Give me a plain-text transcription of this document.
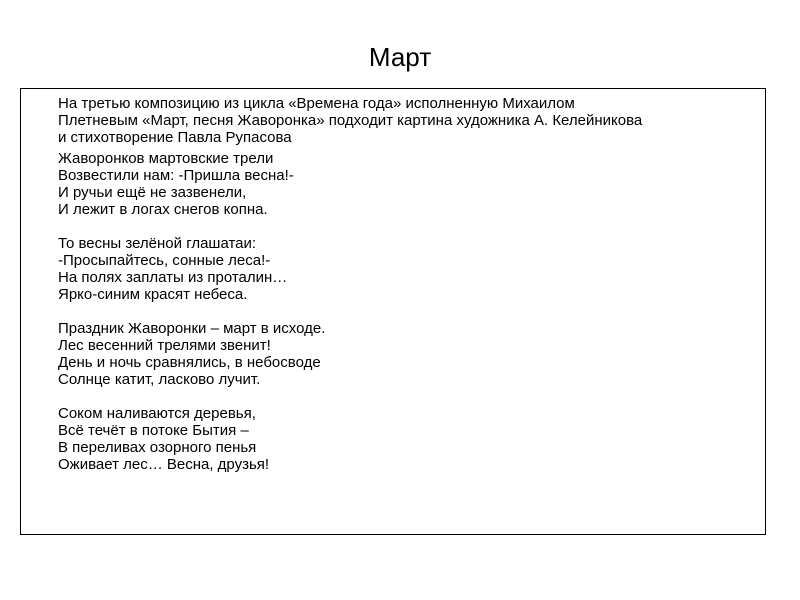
Март

На третью композицию из цикла «Времена года» исполненную Михаилом
Плетневым «Март, песня Жаворонка» подходит картина художника А. Келейникова
и стихотворение Павла Рупасова

Жаворонков мартовские трели
Возвестили нам: -Пришла весна!-
И ручьи ещё не зазвенели,
И лежит в логах снегов копна.

То весны зелёной глашатаи:
-Просыпайтесь, сонные леса!-
На полях заплаты из проталин…
Ярко-синим красят небеса.

Праздник Жаворонки – март в исходе.
Лес весенний трелями звенит!
День и ночь сравнялись, в небосводе
Солнце катит, ласково лучит.

Соком наливаются деревья,
Всё течёт в потоке Бытия –
В переливах озорного пенья
Оживает лес… Весна, друзья!
